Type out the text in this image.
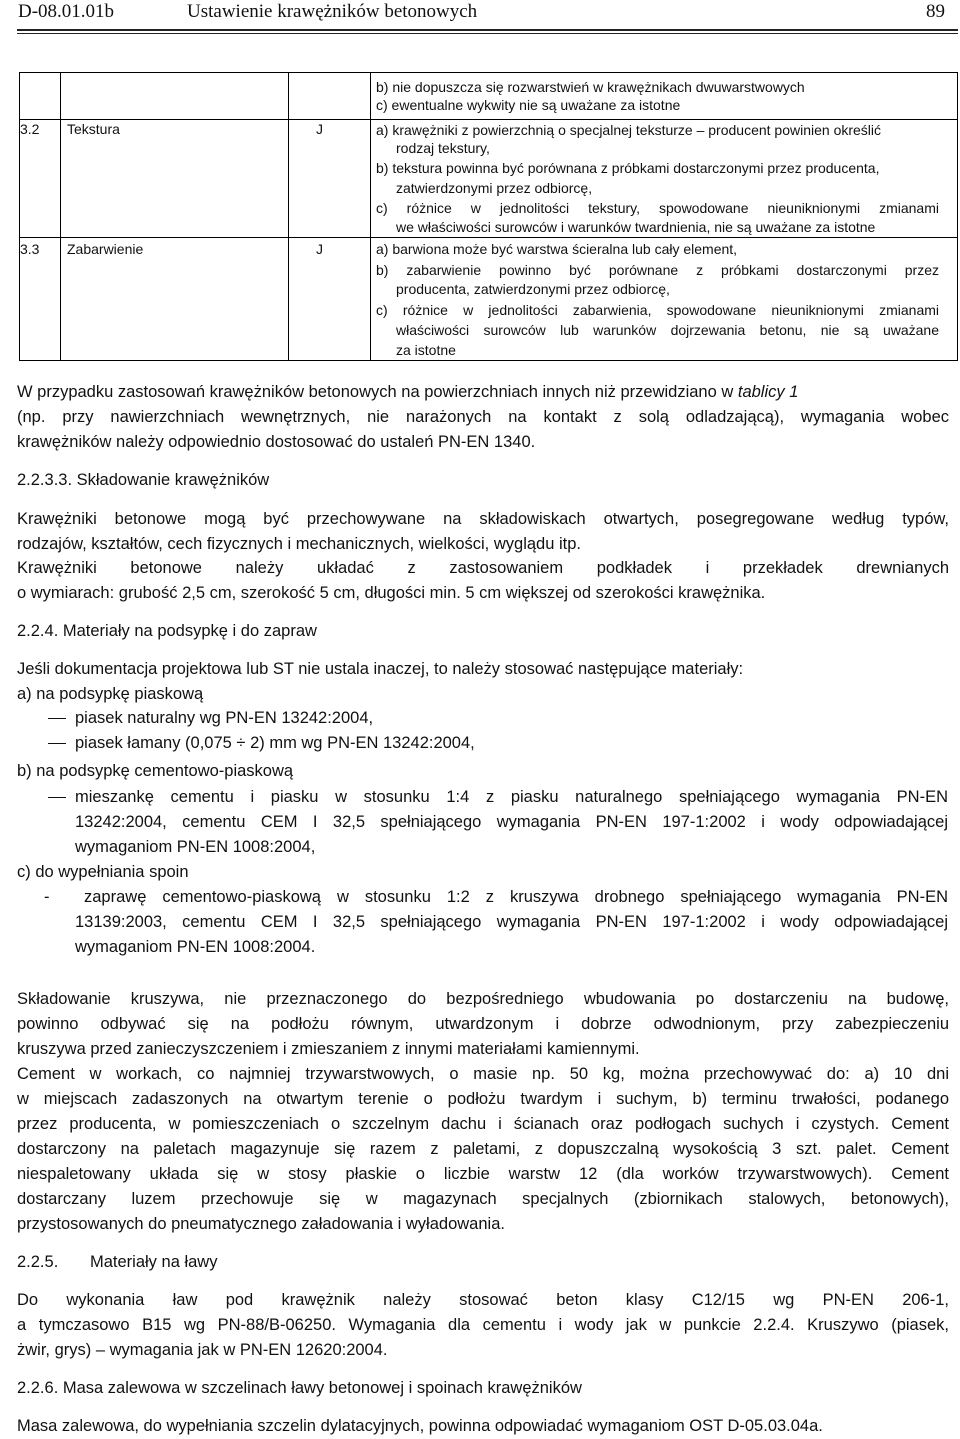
D-08.01.01b	Ustawienie krawężników betonowych	89
b) nie dopuszcza się rozwarstwień w krawężnikach dwuwarstwowych
c) ewentualne wykwity nie są uważane za istotne
3.2 Tekstura	J	a) krawężniki z powierzchnią o specjalnej teksturze – producent powinien określić
rodzaj tekstury,
b) tekstura powinna być porównana z próbkami dostarczonymi przez producenta,
zatwierdzonymi przez odbiorcę,
c) różnice w jednolitości tekstury, spowodowane nieuniknionymi zmianami
we właściwości surowców i warunków twardnienia, nie są uważane za istotne
3.3 Zabarwienie	J	a) barwiona może być warstwa ścieralna lub cały element,
b) zabarwienie powinno być porównane z próbkami dostarczonymi przez
producenta, zatwierdzonymi przez odbiorcę,
c) różnice w jednolitości zabarwienia, spowodowane nieuniknionymi zmianami
właściwości surowców lub warunków dojrzewania betonu, nie są uważane
za istotne
W przypadku zastosowań krawężników betonowych na powierzchniach innych niż przewidziano w tablicy 1
(np. przy nawierzchniach wewnętrznych, nie narażonych na kontakt z solą odladzającą), wymagania wobec
krawężników należy odpowiednio dostosować do ustaleń PN-EN 1340.
2.2.3.3. Składowanie krawężników
Krawężniki betonowe mogą być przechowywane na składowiskach otwartych, posegregowane według typów,
rodzajów, kształtów, cech fizycznych i mechanicznych, wielkości, wyglądu itp.
Krawężniki betonowe należy układać z zastosowaniem podkładek i przekładek drewnianych
o wymiarach: grubość 2,5 cm, szerokość 5 cm, długości min. 5 cm większej od szerokości krawężnika.
2.2.4. Materiały na podsypkę i do zapraw
Jeśli dokumentacja projektowa lub ST nie ustala inaczej, to należy stosować następujące materiały:
a) na podsypkę piaskową
piasek naturalny wg PN-EN 13242:2004,
piasek łamany (0,075 ÷ 2) mm wg PN-EN 13242:2004,
b) na podsypkę cementowo-piaskową
mieszankę cementu i piasku w stosunku 1:4 z piasku naturalnego spełniającego wymagania PN-EN
13242:2004, cementu CEM I 32,5 spełniającego wymagania PN-EN 197-1:2002 i wody odpowiadającej
wymaganiom PN-EN 1008:2004,
c) do wypełniania spoin
-	zaprawę cementowo-piaskową w stosunku 1:2 z kruszywa drobnego spełniającego wymagania PN-EN
13139:2003, cementu CEM I 32,5 spełniającego wymagania PN-EN 197-1:2002 i wody odpowiadającej
wymaganiom PN-EN 1008:2004.
Składowanie kruszywa, nie przeznaczonego do bezpośredniego wbudowania po dostarczeniu na budowę,
powinno odbywać się na podłożu równym, utwardzonym i dobrze odwodnionym, przy zabezpieczeniu
kruszywa przed zanieczyszczeniem i zmieszaniem z innymi materiałami kamiennymi.
Cement w workach, co najmniej trzywarstwowych, o masie np. 50 kg, można przechowywać do: a) 10 dni
w miejscach zadaszonych na otwartym terenie o podłożu twardym i suchym, b) terminu trwałości, podanego
przez producenta, w pomieszczeniach o szczelnym dachu i ścianach oraz podłogach suchych i czystych. Cement
dostarczony na paletach magazynuje się razem z paletami, z dopuszczalną wysokością 3 szt. palet. Cement
niespaletowany układa się w stosy płaskie o liczbie warstw 12 (dla worków trzywarstwowych). Cement
dostarczany luzem przechowuje się w magazynach specjalnych (zbiornikach stalowych, betonowych),
przystosowanych do pneumatycznego załadowania i wyładowania.
2.2.5.	Materiały na ławy
Do wykonania ław pod krawężnik należy stosować beton klasy C12/15 wg PN-EN 206-1,
a tymczasowo B15 wg PN-88/B-06250. Wymagania dla cementu i wody jak w punkcie 2.2.4. Kruszywo (piasek,
żwir, grys) – wymagania jak w PN-EN 12620:2004.
2.2.6. Masa zalewowa w szczelinach ławy betonowej i spoinach krawężników
Masa zalewowa, do wypełniania szczelin dylatacyjnych, powinna odpowiadać wymaganiom OST D-05.03.04a.
